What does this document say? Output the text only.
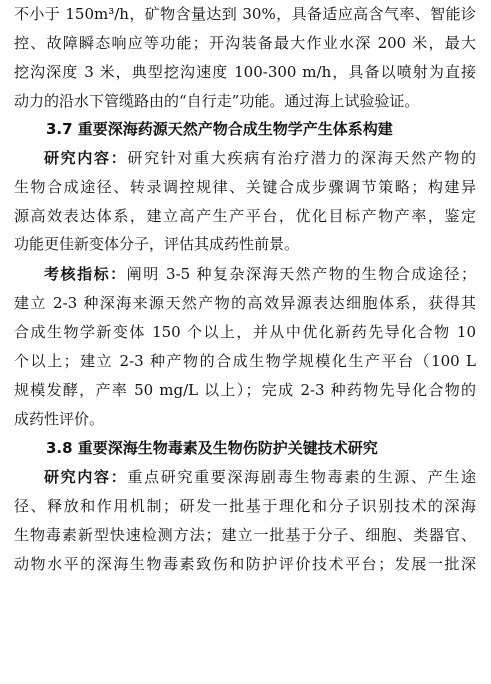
不小于 150m³/h，矿物含量达到 30%，具备适应高含气率、智能诊
控、故障瞬态响应等功能；开沟装备最大作业水深 200 米，最大
挖沟深度 3 米，典型挖沟速度 100-300 m/h，具备以喷射为直接
动力的沿水下管缆路由的“自行走”功能。通过海上试验验证。
3.7 重要深海药源天然产物合成生物学产生体系构建
研究内容：研究针对重大疾病有治疗潜力的深海天然产物的
生物合成途径、转录调控规律、关键合成步骤调节策略；构建异
源高效表达体系，建立高产生产平台，优化目标产物产率，鉴定
功能更佳新变体分子，评估其成药性前景。
考核指标：阐明 3-5 种复杂深海天然产物的生物合成途径；
建立 2-3 种深海来源天然产物的高效异源表达细胞体系，获得其
合成生物学新变体 150 个以上，并从中优化新药先导化合物 10
个以上；建立 2-3 种产物的合成生物学规模化生产平台（100 L
规模发酵，产率 50 mg/L 以上）；完成 2-3 种药物先导化合物的
成药性评价。
3.8 重要深海生物毒素及生物伤防护关键技术研究
研究内容：重点研究重要深海剧毒生物毒素的生源、产生途
径、释放和作用机制；研发一批基于理化和分子识别技术的深海
生物毒素新型快速检测方法；建立一批基于分子、细胞、类器官、
动物水平的深海生物毒素致伤和防护评价技术平台；发展一批深
